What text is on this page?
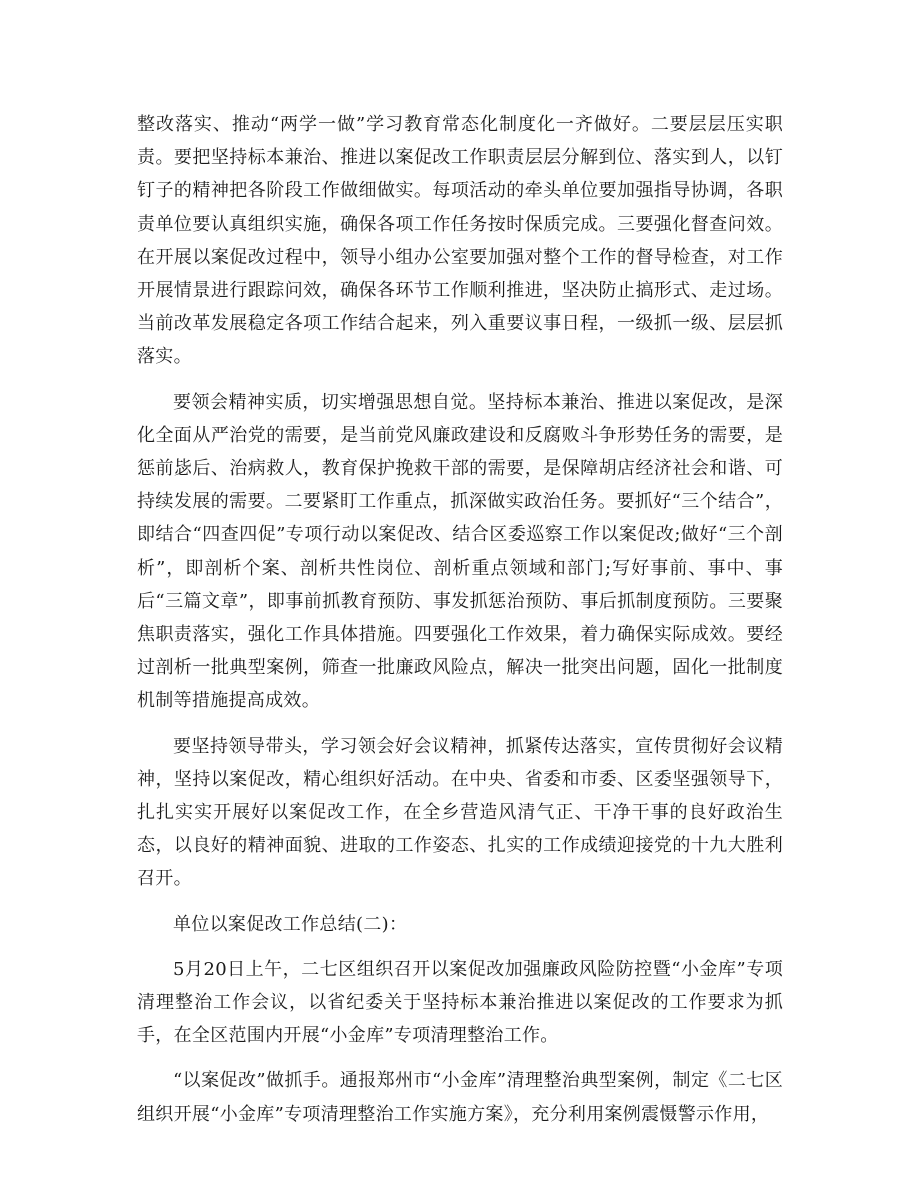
整改落实、推动“两学一做”学习教育常态化制度化一齐做好。二要层层压实职责。要把坚持标本兼治、推进以案促改工作职责层层分解到位、落实到人，以钉钉子的精神把各阶段工作做细做实。每项活动的牵头单位要加强指导协调，各职责单位要认真组织实施，确保各项工作任务按时保质完成。三要强化督查问效。在开展以案促改过程中，领导小组办公室要加强对整个工作的督导检查，对工作开展情景进行跟踪问效，确保各环节工作顺利推进，坚决防止搞形式、走过场。当前改革发展稳定各项工作结合起来，列入重要议事日程，一级抓一级、层层抓落实。

要领会精神实质，切实增强思想自觉。坚持标本兼治、推进以案促改，是深化全面从严治党的需要，是当前党风廉政建设和反腐败斗争形势任务的需要，是惩前毖后、治病救人，教育保护挽救干部的需要，是保障胡店经济社会和谐、可持续发展的需要。二要紧盯工作重点，抓深做实政治任务。要抓好“三个结合”，即结合“四查四促”专项行动以案促改、结合区委巡察工作以案促改;做好“三个剖析”，即剖析个案、剖析共性岗位、剖析重点领域和部门;写好事前、事中、事后“三篇文章”，即事前抓教育预防、事发抓惩治预防、事后抓制度预防。三要聚焦职责落实，强化工作具体措施。四要强化工作效果，着力确保实际成效。要经过剖析一批典型案例，筛查一批廉政风险点，解决一批突出问题，固化一批制度机制等措施提高成效。

要坚持领导带头，学习领会好会议精神，抓紧传达落实，宣传贯彻好会议精神，坚持以案促改，精心组织好活动。在中央、省委和市委、区委坚强领导下，扎扎实实开展好以案促改工作，在全乡营造风清气正、干净干事的良好政治生态，以良好的精神面貌、进取的工作姿态、扎实的工作成绩迎接党的十九大胜利召开。

单位以案促改工作总结(二)：

5月20日上午，二七区组织召开以案促改加强廉政风险防控暨“小金库”专项清理整治工作会议，以省纪委关于坚持标本兼治推进以案促改的工作要求为抓手，在全区范围内开展“小金库”专项清理整治工作。

“以案促改”做抓手。通报郑州市“小金库”清理整治典型案例，制定《二七区组织开展“小金库”专项清理整治工作实施方案》，充分利用案例震慑警示作用，
